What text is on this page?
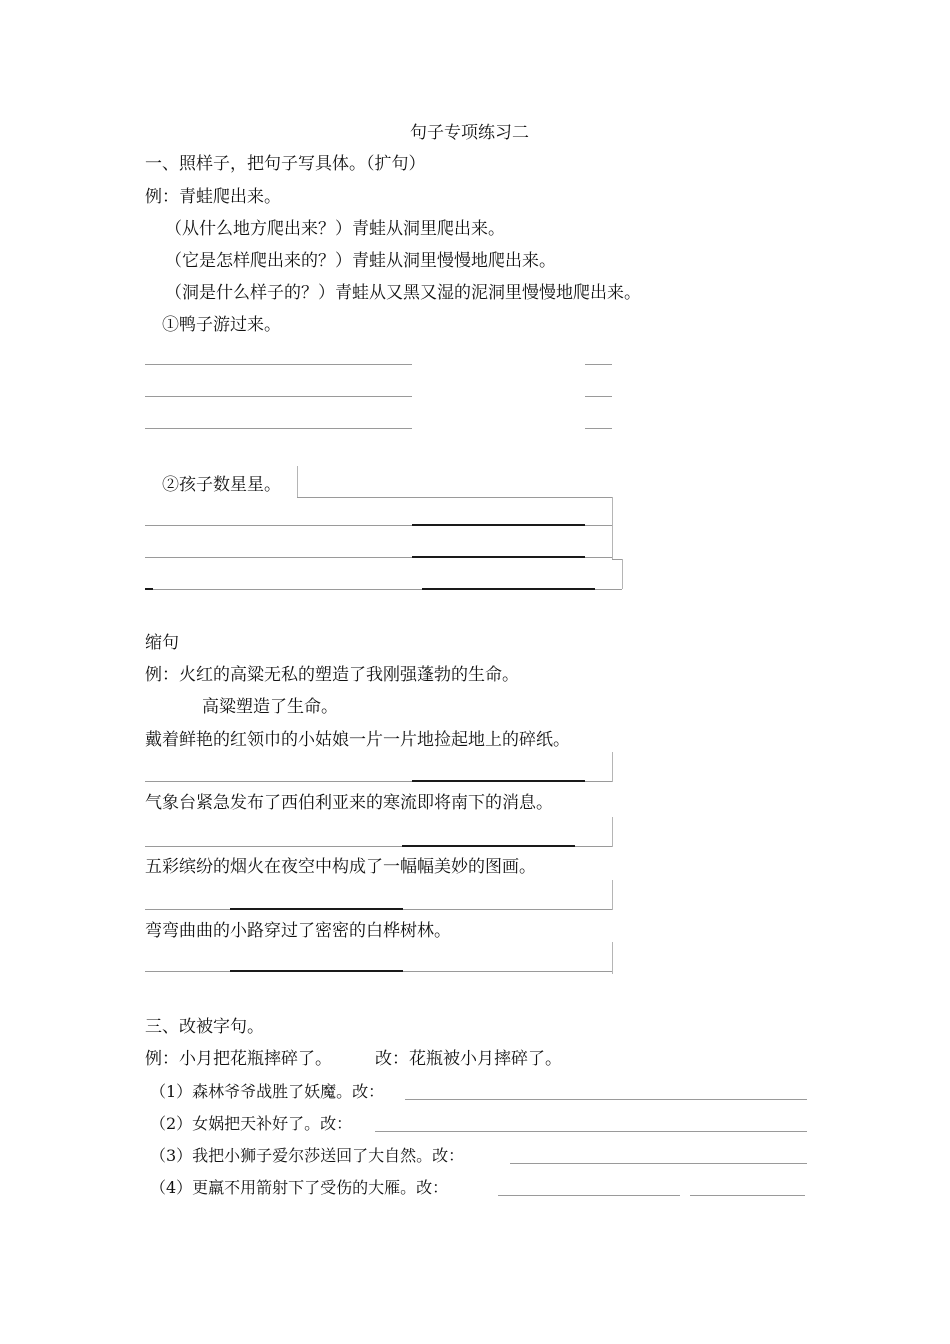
句子专项练习二
一、照样子，把句子写具体。（扩句）
例：青蛙爬出来。
（从什么地方爬出来？）青蛙从洞里爬出来。
（它是怎样爬出来的？）青蛙从洞里慢慢地爬出来。
（洞是什么样子的？）青蛙从又黑又湿的泥洞里慢慢地爬出来。
①鸭子游过来。
②孩子数星星。
缩句
例：火红的高粱无私的塑造了我刚强蓬勃的生命。
高粱塑造了生命。
戴着鲜艳的红领巾的小姑娘一片一片地捡起地上的碎纸。
气象台紧急发布了西伯利亚来的寒流即将南下的消息。
五彩缤纷的烟火在夜空中构成了一幅幅美妙的图画。
弯弯曲曲的小路穿过了密密的白桦树林。
三、改被字句。
例：小月把花瓶摔碎了。	改：花瓶被小月摔碎了。
（1）森林爷爷战胜了妖魔。改：
（2）女娲把天补好了。改：
（3）我把小狮子爱尔莎送回了大自然。改：
（4）更羸不用箭射下了受伤的大雁。改：
